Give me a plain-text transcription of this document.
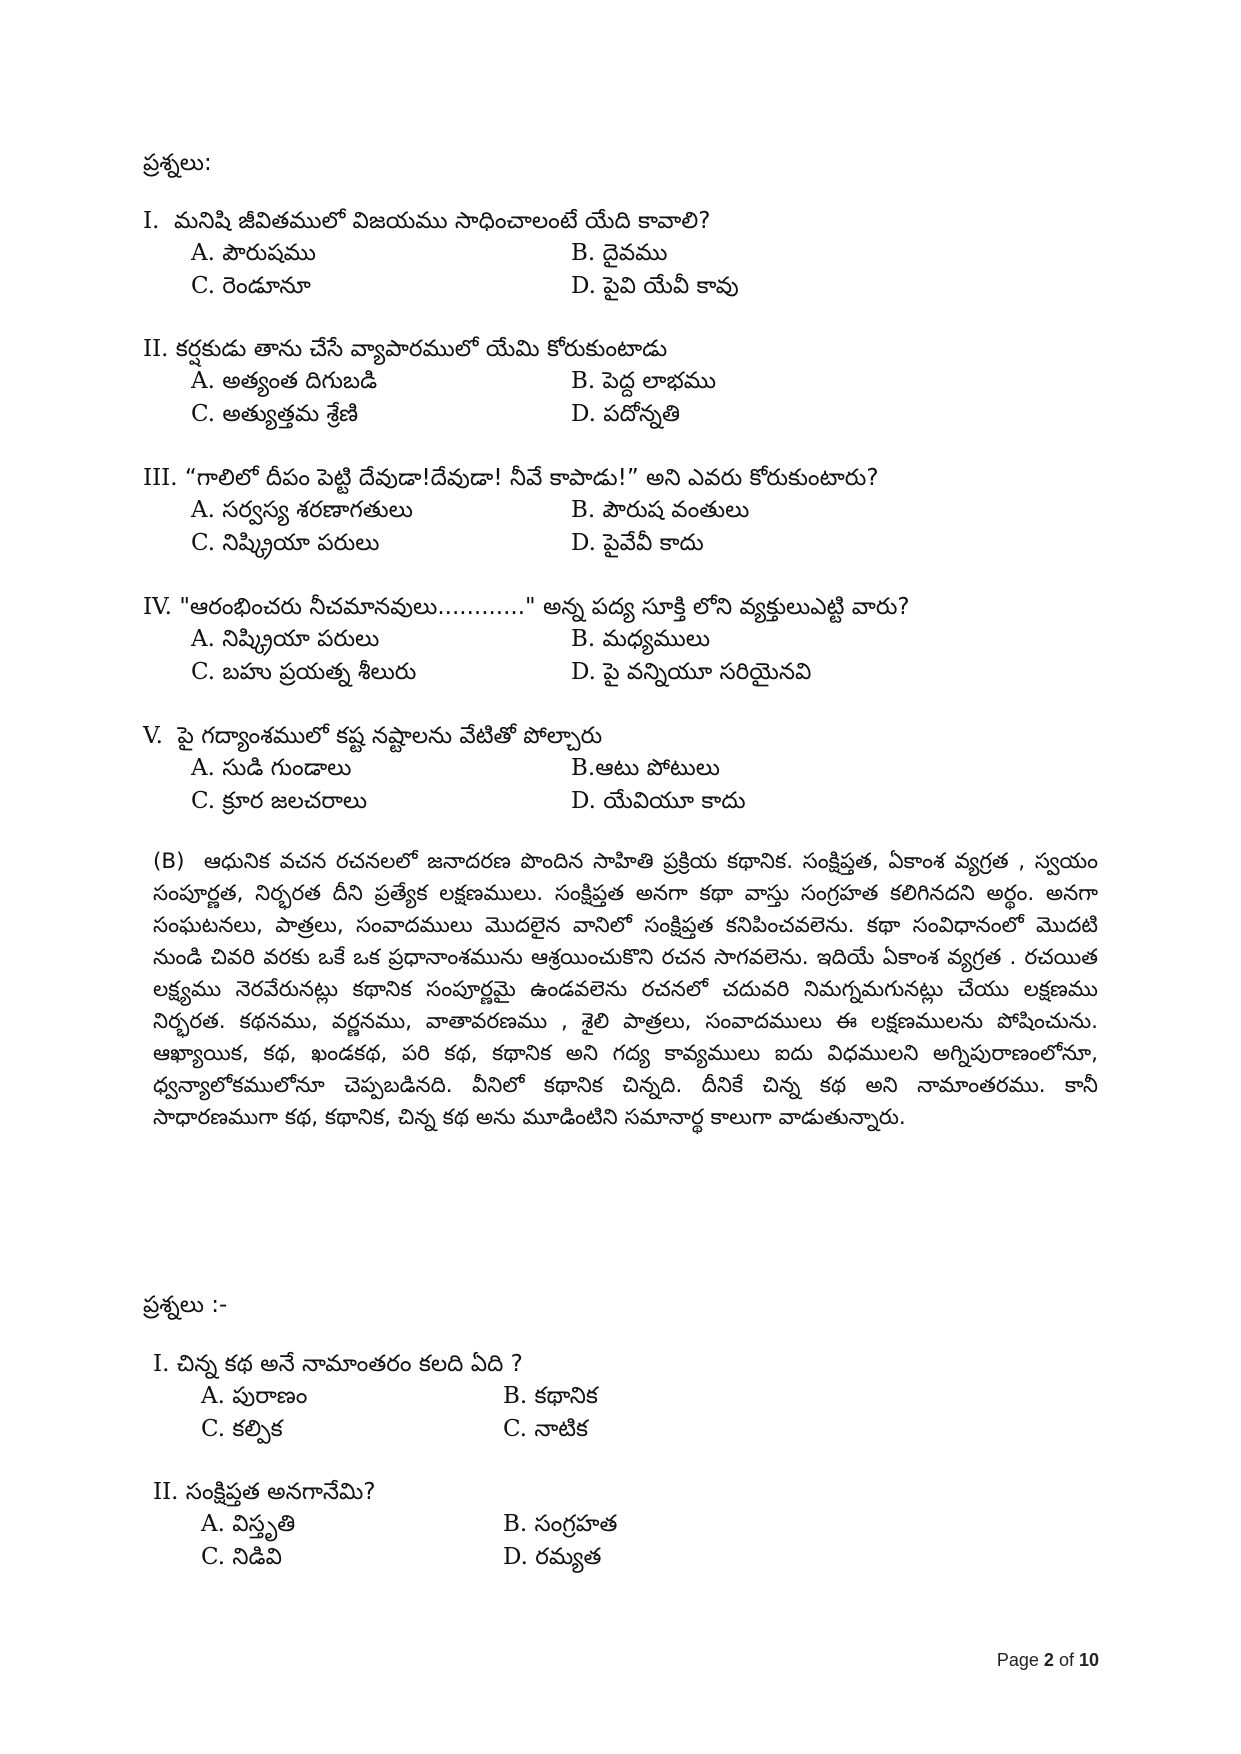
ప్రశ్నలు:
I. మనిషి జీవితములో విజయము సాధించాలంటే యేది కావాలి?
A. పౌరుషము	B. దైవము
C. రెండూనూ	D. పైవి యేవీ కావు
II. కర్షకుడు తాను చేసే వ్యాపారములో యేమి కోరుకుంటాడు
A. అత్యంత దిగుబడి	B. పెద్ద లాభము
C. అత్యుత్తమ శ్రేణి	D. పదోన్నతి
III. “గాలిలో దీపం పెట్టి దేవుడా!దేవుడా! నీవే కాపాడు!” అని ఎవరు కోరుకుంటారు?
A. సర్వస్య శరణాగతులు	B. పౌరుష వంతులు
C. నిష్క్రియా పరులు	D. పైవేవీ కాదు
IV. "ఆరంభించరు నీచమానవులు............" అన్న పద్య సూక్తి లోని వ్యక్తులుఎట్టి వారు?
A. నిష్క్రియా పరులు	B. మధ్యములు
C. బహు ప్రయత్న శీలురు	D. పై వన్నియూ సరియైనవి
V. పై గద్యాంశములో కష్ట నష్టాలను వేటితో పోల్చారు
A. సుడి గుండాలు	B.ఆటు పోటులు
C. క్రూర జలచరాలు	D. యేవియూ కాదు
(B) ఆధునిక వచన రచనలలో జనాదరణ పొందిన సాహితి ప్రక్రియ కథానిక. సంక్షిప్తత, ఏకాంశ వ్యగ్రత , స్వయం సంపూర్ణత, నిర్భరత దీని ప్రత్యేక లక్షణములు. సంక్షిప్తత అనగా కథా వాస్తు సంగ్రహత కలిగినదని అర్థం. అనగా సంఘటనలు, పాత్రలు, సంవాదములు మొదలైన వానిలో సంక్షిప్తత కనిపించవలెను. కథా సంవిధానంలో మొదటి నుండి చివరి వరకు ఒకే ఒక ప్రధానాంశమును ఆశ్రయించుకొని రచన సాగవలెను. ఇదియే ఏకాంశ వ్యగ్రత . రచయిత లక్ష్యము నెరవేరునట్లు కథానిక సంపూర్ణమై ఉండవలెను రచనలో చదువరి నిమగ్నమగునట్లు చేయు లక్షణము నిర్భరత. కథనము, వర్ణనము, వాతావరణము , శైలి పాత్రలు, సంవాదములు ఈ లక్షణములను పోషించును. ఆఖ్యాయిక, కథ, ఖండకథ, పరి కథ, కథానిక అని గద్య కావ్యములు ఐదు విధములని అగ్నిపురాణంలోనూ, ధ్వన్యాలోకములోనూ చెప్పబడినది. వీనిలో కథానిక చిన్నది. దీనికే చిన్న కథ అని నామాంతరము. కానీ సాధారణముగా కథ, కథానిక, చిన్న కథ అను మూడింటిని సమానార్థ కాలుగా వాడుతున్నారు.
ప్రశ్నలు :-
I. చిన్న కథ అనే నామాంతరం కలది ఏది ?
A. పురాణం	B. కథానిక
C. కల్పిక	C. నాటిక
II. సంక్షిప్తత అనగానేమి?
A. విస్తృతి	B. సంగ్రహత
C. నిడివి	D. రమ్యత
Page 2 of 10
